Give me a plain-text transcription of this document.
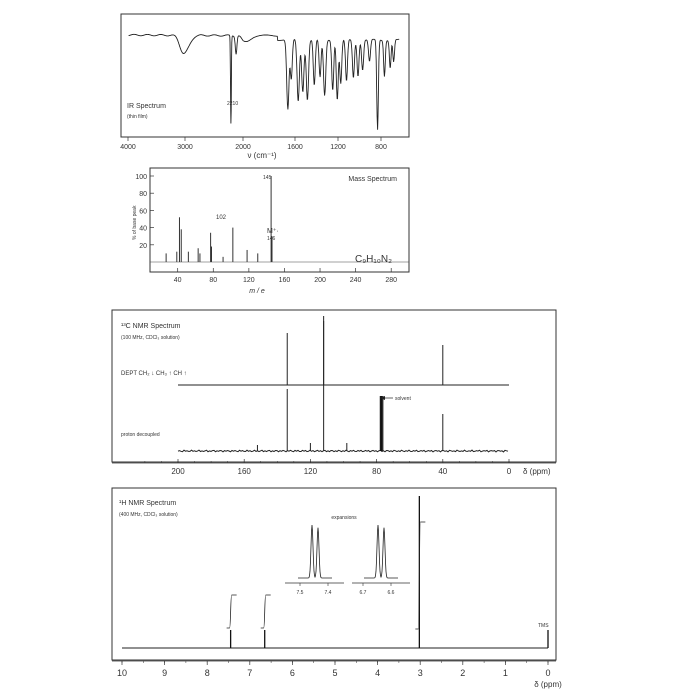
IR Spectrum
(thin film)
2210
4000	3000	2000	1600	1200	800
ν (cm⁻¹)
100
80
60
40
20
40	80	120	160	200	240	280
% of base peak
m / e
Mass Spectrum
145
102
M⁺·
146
C₉H₁₀N₂
¹³C NMR Spectrum
(100 MHz, CDCl₃ solution)
DEPT CH₂ ↓ CH₃ ↑ CH ↑
proton decoupled
solvent
200	160	120	80	40	0 δ (ppm)
¹H NMR Spectrum
(400 MHz, CDCl₃ solution)
TMS
expansions
7.5	7.4	6.7	6.6
10	9	8	7	6	5	4	3	2	1	0
δ (ppm)
